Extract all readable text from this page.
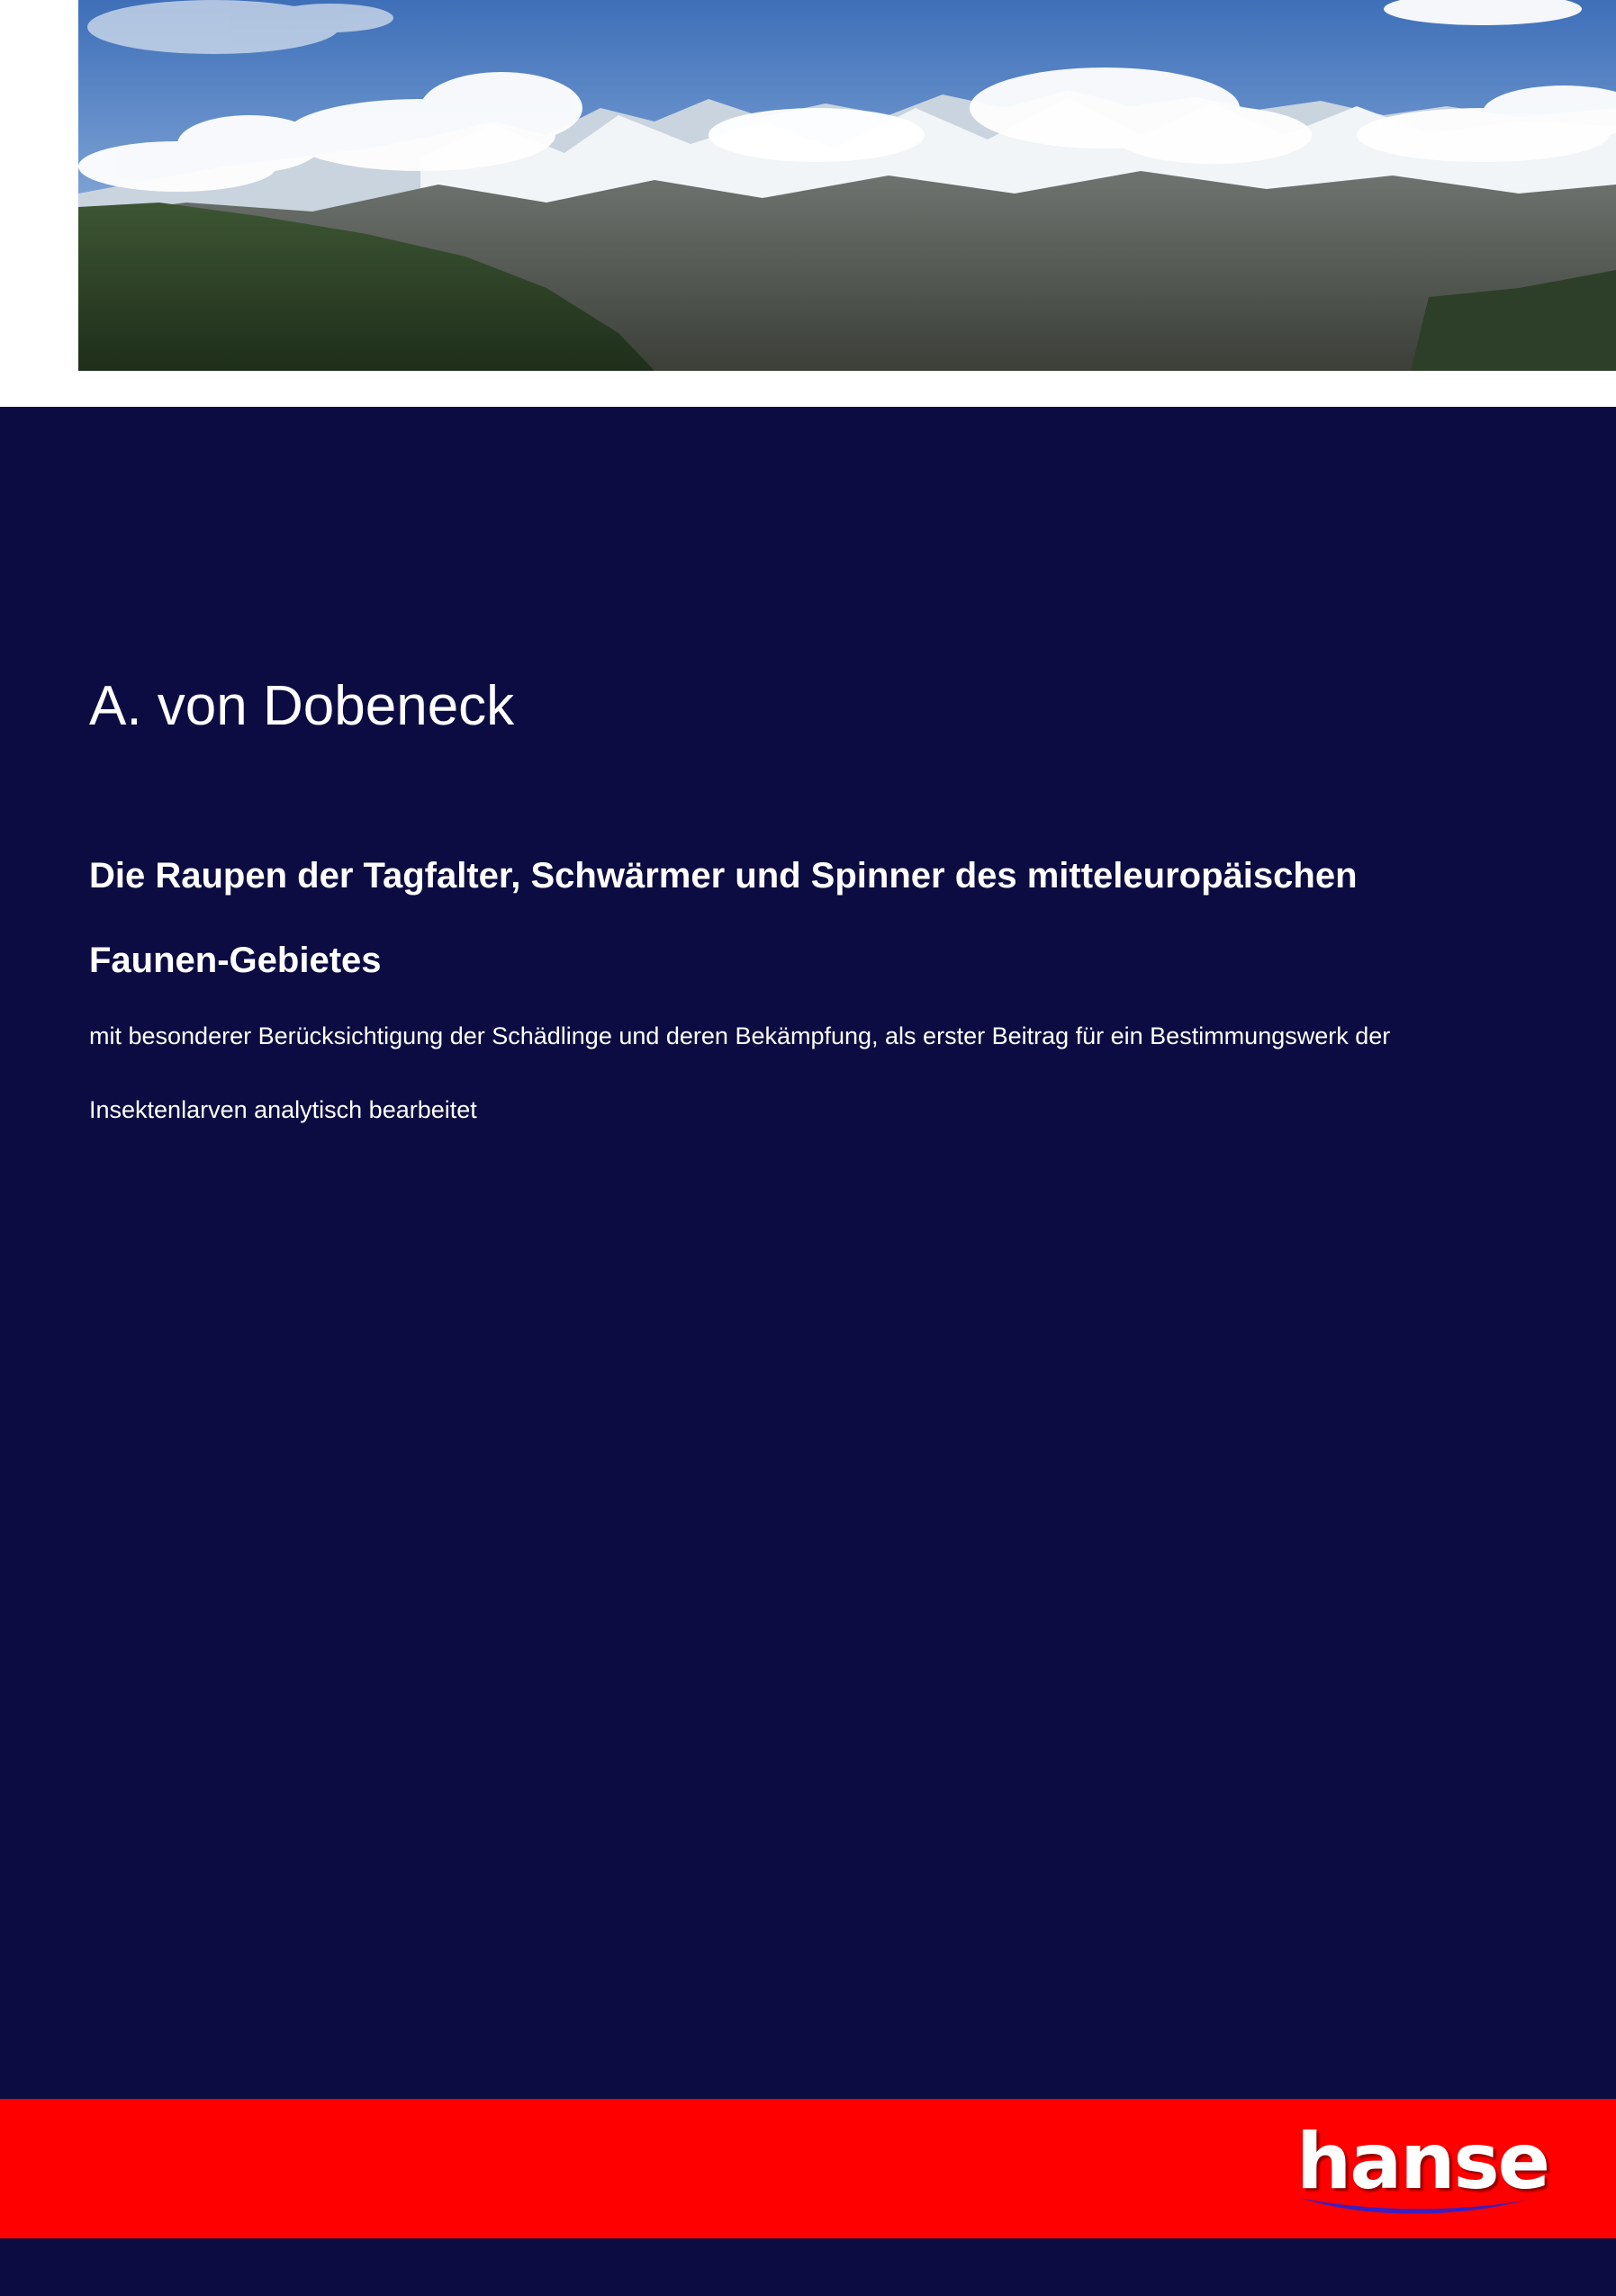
A. von Dobeneck
Die Raupen der Tagfalter, Schwärmer und Spinner des mitteleuropäischen Faunen-Gebietes

mit besonderer Berücksichtigung der Schädlinge und deren Bekämpfung, als erster Beitrag für ein Bestimmungswerk der Insektenlarven analytisch bearbeitet

hanse
